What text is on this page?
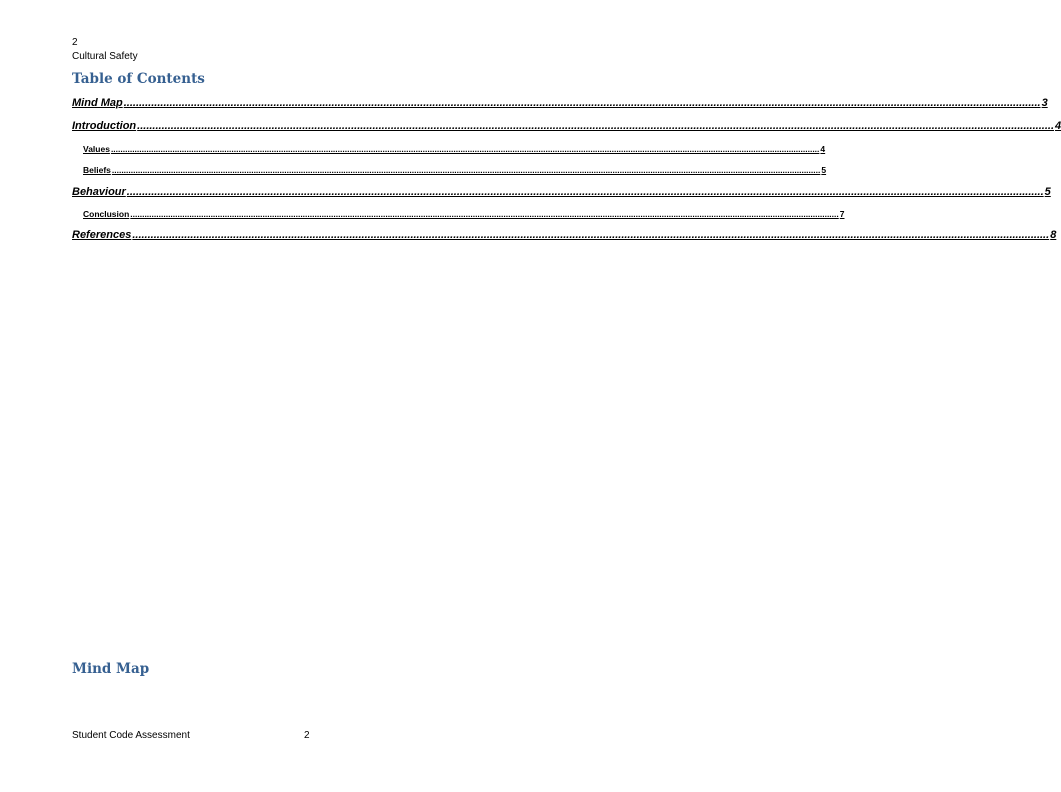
2
Cultural Safety
Table of Contents
Mind Map ............................................................................................................................................................................................................................................................................................................ 3
Introduction ............................................................................................................................................................................................................................................................................................................ 4
Values ............................................................................................................................................................................................................................................................................................................ 4
Beliefs ............................................................................................................................................................................................................................................................................................................ 5
Behaviour ............................................................................................................................................................................................................................................................................................................ 5
Conclusion ............................................................................................................................................................................................................................................................................................................ 7
References ............................................................................................................................................................................................................................................................................................................ 8
Mind Map
Student Code Assessment	2
